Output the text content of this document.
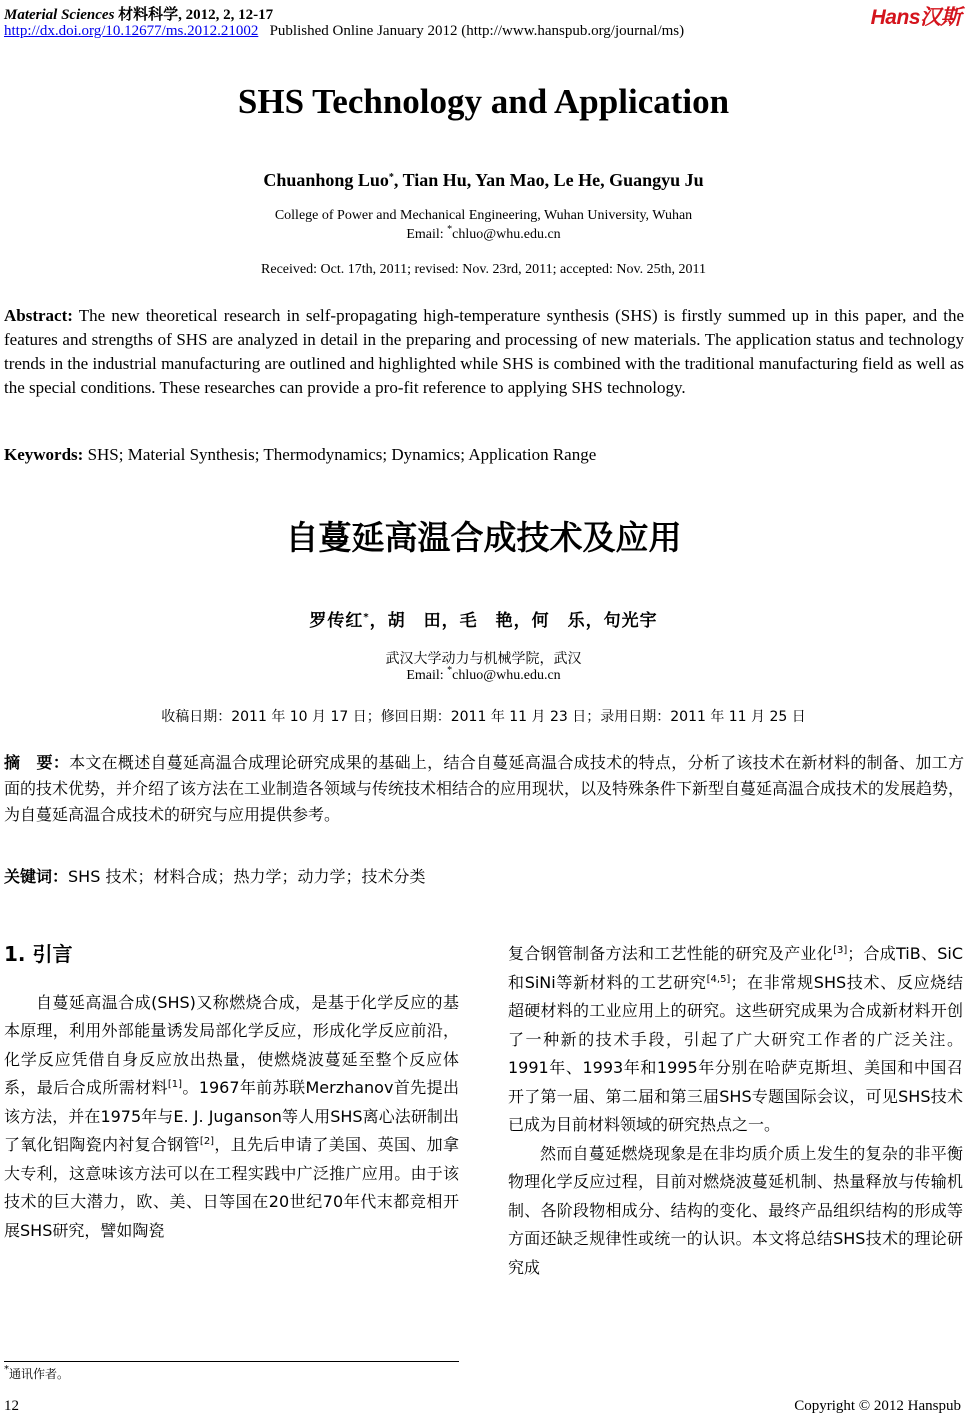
Material Sciences 材料科学, 2012, 2, 12-17	Hans汉斯
http://dx.doi.org/10.12677/ms.2012.21002 Published Online January 2012 (http://www.hanspub.org/journal/ms)
SHS Technology and Application
Chuanhong Luo*, Tian Hu, Yan Mao, Le He, Guangyu Ju
College of Power and Mechanical Engineering, Wuhan University, Wuhan
Email: *chluo@whu.edu.cn
Received: Oct. 17th, 2011; revised: Nov. 23rd, 2011; accepted: Nov. 25th, 2011
Abstract: The new theoretical research in self-propagating high-temperature synthesis (SHS) is firstly summed up in this paper, and the features and strengths of SHS are analyzed in detail in the preparing and processing of new materials. The application status and technology trends in the industrial manufacturing are outlined and highlighted while SHS is combined with the traditional manufacturing field as well as the special conditions. These researches can provide a pro-fit reference to applying SHS technology.
Keywords: SHS; Material Synthesis; Thermodynamics; Dynamics; Application Range
自蔓延高温合成技术及应用
罗传红*，胡　田，毛　艳，何　乐，句光宇
武汉大学动力与机械学院，武汉
Email: *chluo@whu.edu.cn
收稿日期：2011 年 10 月 17 日；修回日期：2011 年 11 月 23 日；录用日期：2011 年 11 月 25 日
摘　要：本文在概述自蔓延高温合成理论研究成果的基础上，结合自蔓延高温合成技术的特点，分析了该技术在新材料的制备、加工方面的技术优势，并介绍了该方法在工业制造各领域与传统技术相结合的应用现状，以及特殊条件下新型自蔓延高温合成技术的发展趋势，为自蔓延高温合成技术的研究与应用提供参考。
关键词：SHS 技术；材料合成；热力学；动力学；技术分类
1. 引言

自蔓延高温合成(SHS)又称燃烧合成，是基于化学反应的基本原理，利用外部能量诱发局部化学反应，形成化学反应前沿，化学反应凭借自身反应放出热量，使燃烧波蔓延至整个反应体系，最后合成所需材料[1]。1967年前苏联Merzhanov首先提出该方法，并在1975年与E. J. Juganson等人用SHS离心法研制出了氧化铝陶瓷内衬复合钢管[2]，且先后申请了美国、英国、加拿大专利，这意味该方法可以在工程实践中广泛推广应用。由于该技术的巨大潜力，欧、美、日等国在20世纪70年代末都竞相开展SHS研究，譬如陶瓷

复合钢管制备方法和工艺性能的研究及产业化[3]；合成TiB、SiC和SiNi等新材料的工艺研究[4,5]；在非常规SHS技术、反应烧结超硬材料的工业应用上的研究。这些研究成果为合成新材料开创了一种新的技术手段，引起了广大研究工作者的广泛关注。1991年、1993年和1995年分别在哈萨克斯坦、美国和中国召开了第一届、第二届和第三届SHS专题国际会议，可见SHS技术已成为目前材料领域的研究热点之一。

然而自蔓延燃烧现象是在非均质介质上发生的复杂的非平衡物理化学反应过程，目前对燃烧波蔓延机制、热量释放与传输机制、各阶段物相成分、结构的变化、最终产品组织结构的形成等方面还缺乏规律性或统一的认识。本文将总结SHS技术的理论研究成

*通讯作者。
12	Copyright © 2012 Hanspub
